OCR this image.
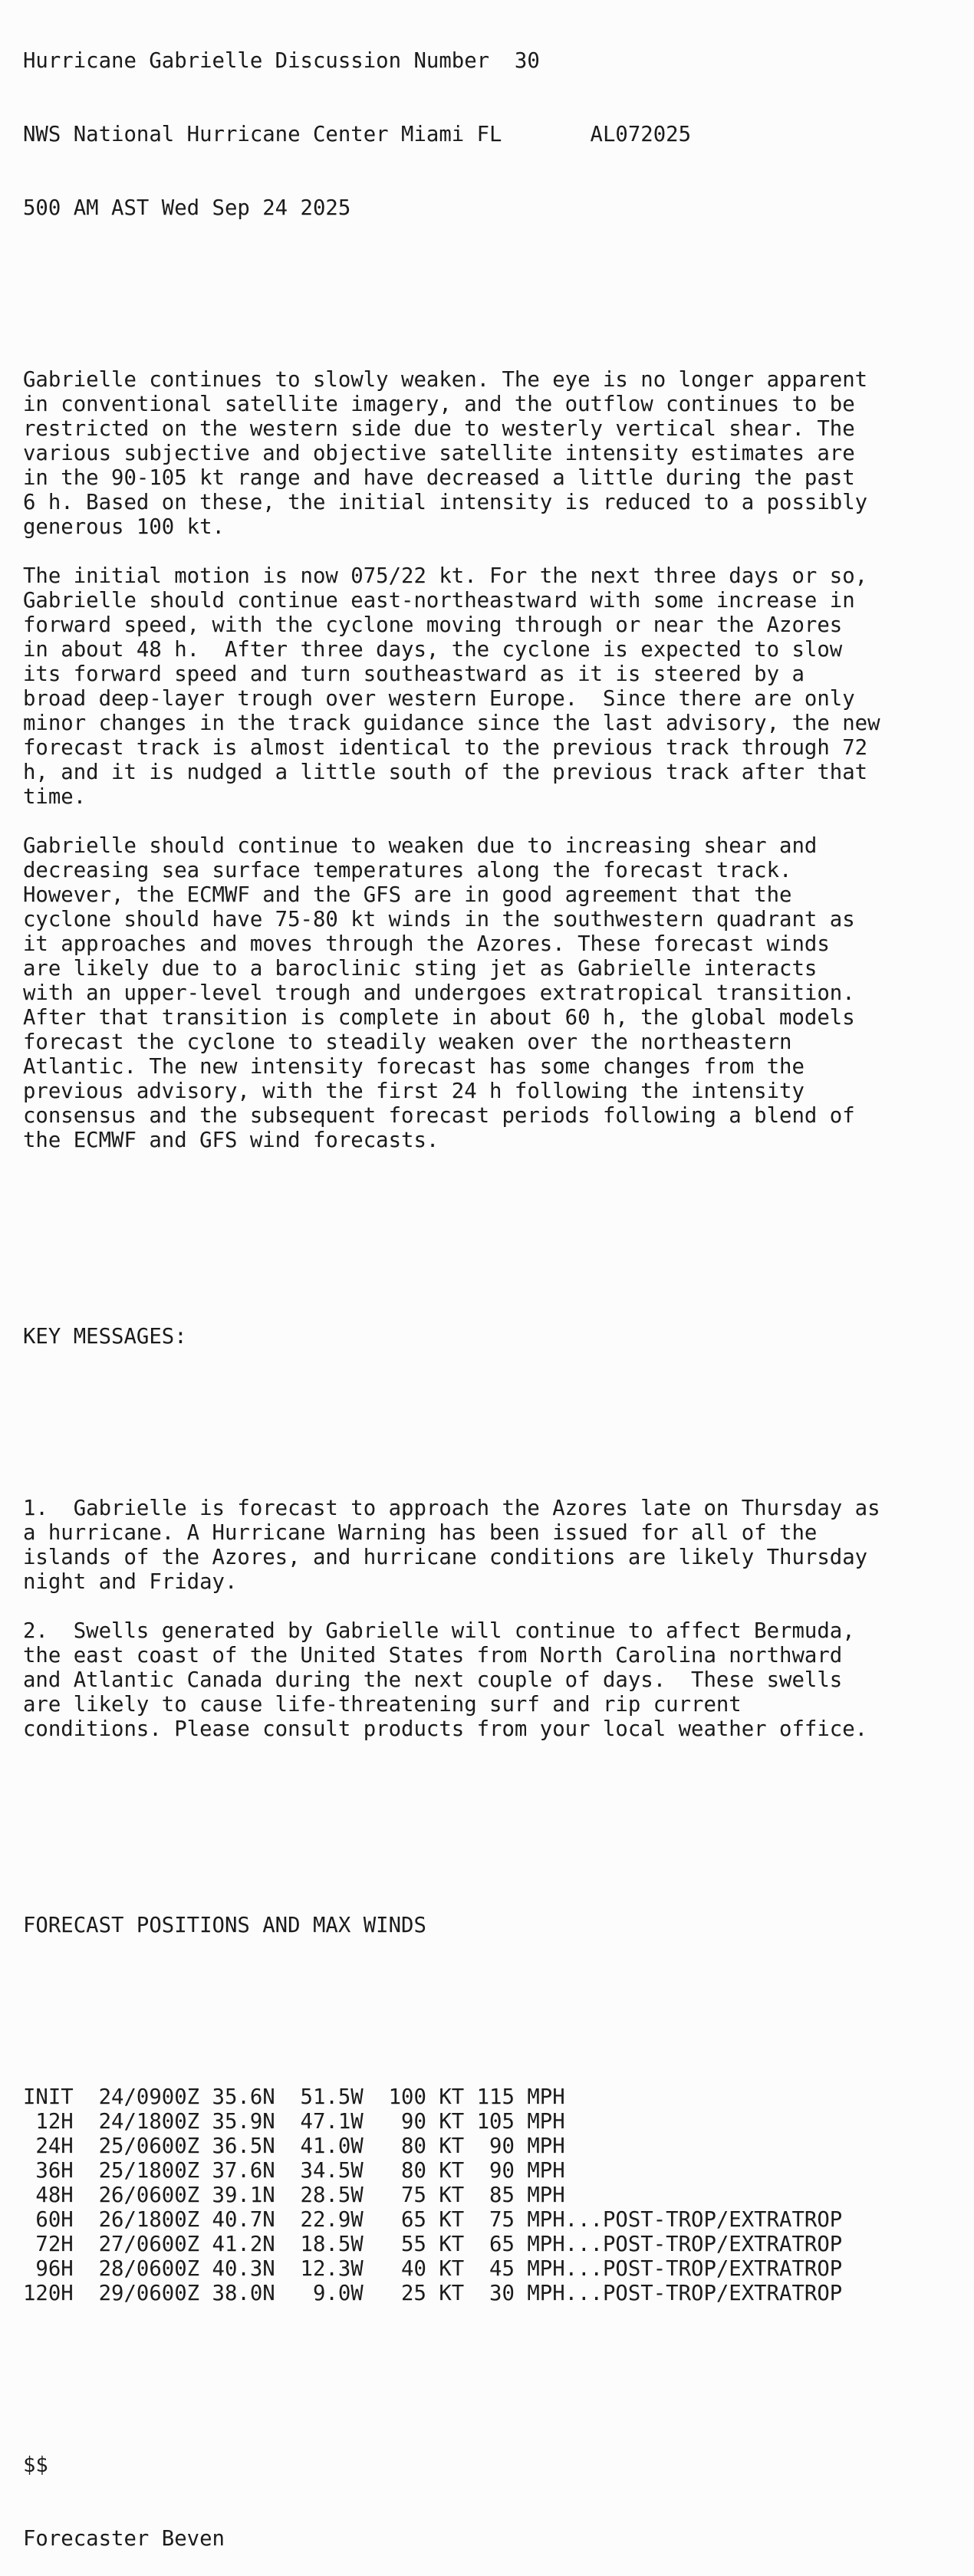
Hurricane Gabrielle Discussion Number  30

NWS National Hurricane Center Miami FL       AL072025

500 AM AST Wed Sep 24 2025

Gabrielle continues to slowly weaken. The eye is no longer apparent
in conventional satellite imagery, and the outflow continues to be
restricted on the western side due to westerly vertical shear. The
various subjective and objective satellite intensity estimates are
in the 90-105 kt range and have decreased a little during the past
6 h. Based on these, the initial intensity is reduced to a possibly
generous 100 kt.
The initial motion is now 075/22 kt. For the next three days or so,
Gabrielle should continue east-northeastward with some increase in
forward speed, with the cyclone moving through or near the Azores
in about 48 h.  After three days, the cyclone is expected to slow
its forward speed and turn southeastward as it is steered by a
broad deep-layer trough over western Europe.  Since there are only
minor changes in the track guidance since the last advisory, the new
forecast track is almost identical to the previous track through 72
h, and it is nudged a little south of the previous track after that
time.
Gabrielle should continue to weaken due to increasing shear and
decreasing sea surface temperatures along the forecast track.
However, the ECMWF and the GFS are in good agreement that the
cyclone should have 75-80 kt winds in the southwestern quadrant as
it approaches and moves through the Azores. These forecast winds
are likely due to a baroclinic sting jet as Gabrielle interacts
with an upper-level trough and undergoes extratropical transition.
After that transition is complete in about 60 h, the global models
forecast the cyclone to steadily weaken over the northeastern
Atlantic. The new intensity forecast has some changes from the
previous advisory, with the first 24 h following the intensity
consensus and the subsequent forecast periods following a blend of
the ECMWF and GFS wind forecasts.

KEY MESSAGES:

1.  Gabrielle is forecast to approach the Azores late on Thursday as
a hurricane. A Hurricane Warning has been issued for all of the
islands of the Azores, and hurricane conditions are likely Thursday
night and Friday.
2.  Swells generated by Gabrielle will continue to affect Bermuda,
the east coast of the United States from North Carolina northward
and Atlantic Canada during the next couple of days.  These swells
are likely to cause life-threatening surf and rip current
conditions. Please consult products from your local weather office.

FORECAST POSITIONS AND MAX WINDS

INIT  24/0900Z 35.6N  51.5W  100 KT 115 MPH
12H  24/1800Z 35.9N  47.1W   90 KT 105 MPH
24H  25/0600Z 36.5N  41.0W   80 KT  90 MPH
36H  25/1800Z 37.6N  34.5W   80 KT  90 MPH
48H  26/0600Z 39.1N  28.5W   75 KT  85 MPH
60H  26/1800Z 40.7N  22.9W   65 KT  75 MPH...POST-TROP/EXTRATROP
72H  27/0600Z 41.2N  18.5W   55 KT  65 MPH...POST-TROP/EXTRATROP
96H  28/0600Z 40.3N  12.3W   40 KT  45 MPH...POST-TROP/EXTRATROP
120H  29/0600Z 38.0N   9.0W   25 KT  30 MPH...POST-TROP/EXTRATROP

$$

Forecaster Beven
